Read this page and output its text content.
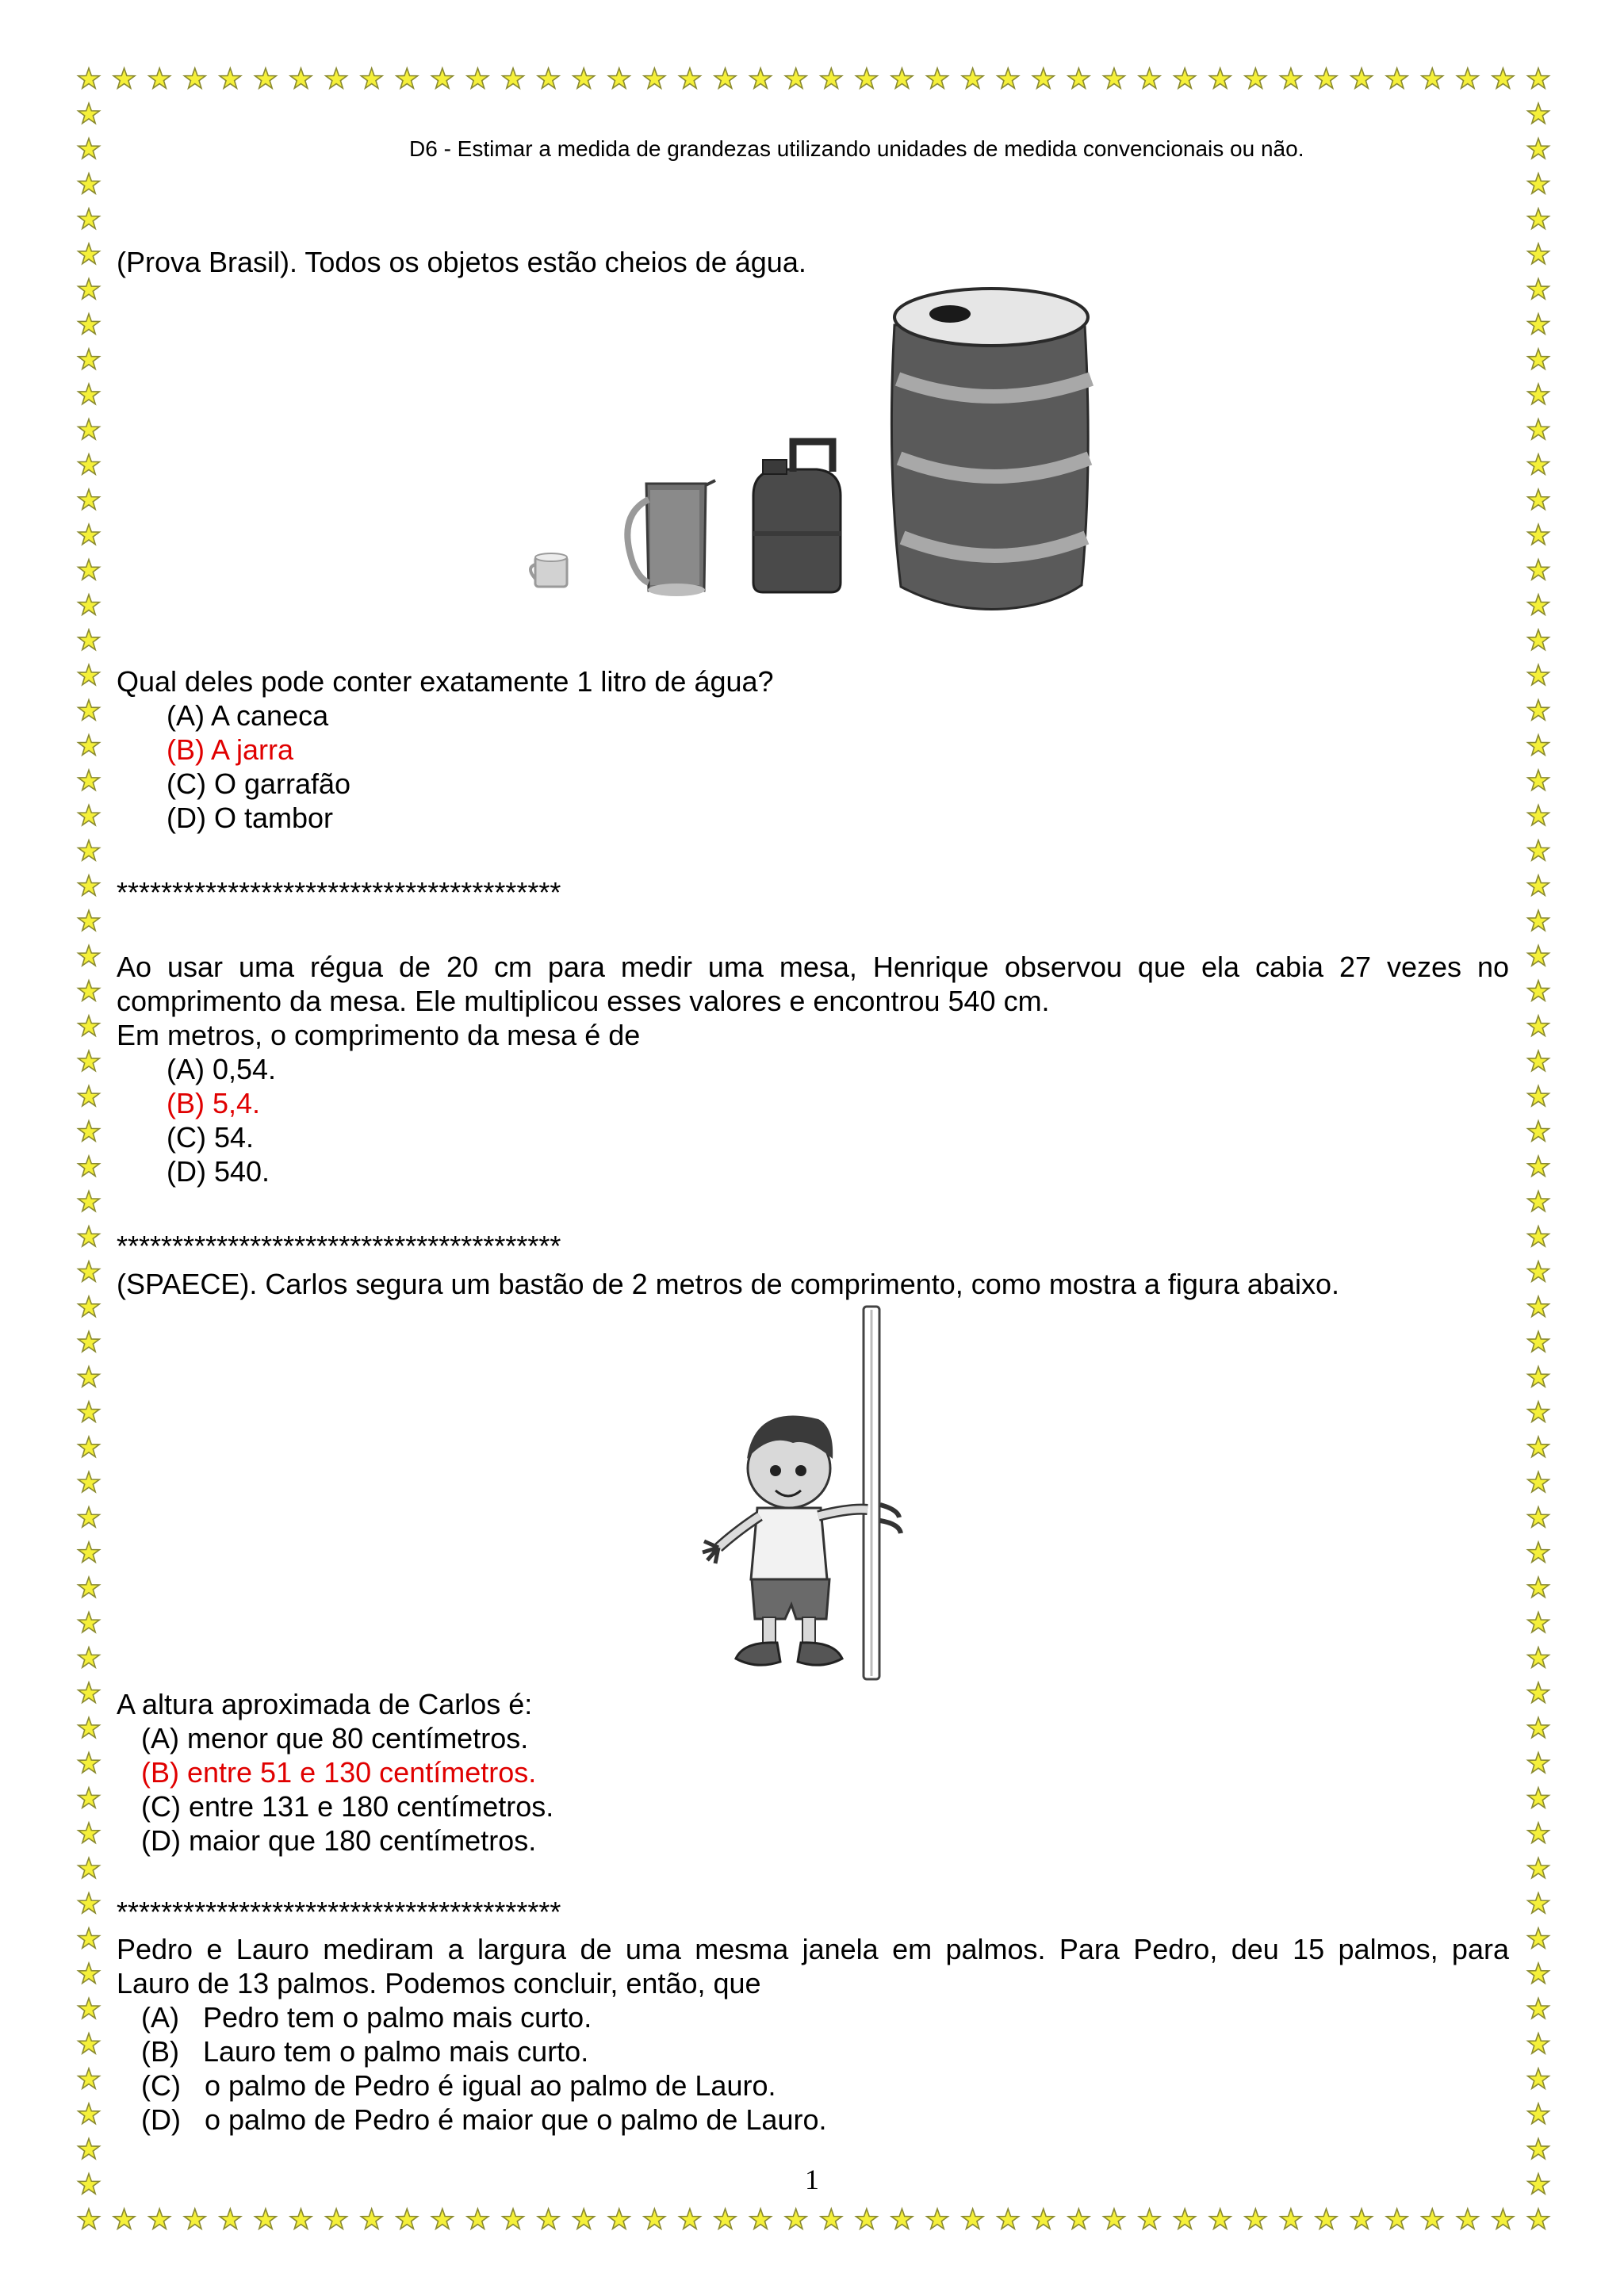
D6 - Estimar a medida de grandezas utilizando unidades de medida convencionais ou não.
(Prova Brasil). Todos os objetos estão cheios de água.
Qual deles pode conter exatamente 1 litro de água?
(A) A caneca
(B) A jarra
(C) O garrafão
(D) O tambor
****************************************
Ao usar uma régua de 20 cm para medir uma mesa, Henrique observou que ela cabia 27 vezes no
comprimento da mesa. Ele multiplicou esses valores e encontrou 540 cm.
Em metros, o comprimento da mesa é de
(A) 0,54.
(B) 5,4.
(C) 54.
(D) 540.
****************************************
(SPAECE). Carlos segura um bastão de 2 metros de comprimento, como mostra a figura abaixo.
A altura aproximada de Carlos é:
(A) menor que 80 centímetros.
(B) entre 51 e 130 centímetros.
(C) entre 131 e 180 centímetros.
(D) maior que 180 centímetros.
****************************************
Pedro e Lauro mediram a largura de uma mesma janela em palmos. Para Pedro, deu 15 palmos, para
Lauro de 13 palmos. Podemos concluir, então, que
(A)   Pedro tem o palmo mais curto.
(B)   Lauro tem o palmo mais curto.
(C)   o palmo de Pedro é igual ao palmo de Lauro.
(D)   o palmo de Pedro é maior que o palmo de Lauro.
1
